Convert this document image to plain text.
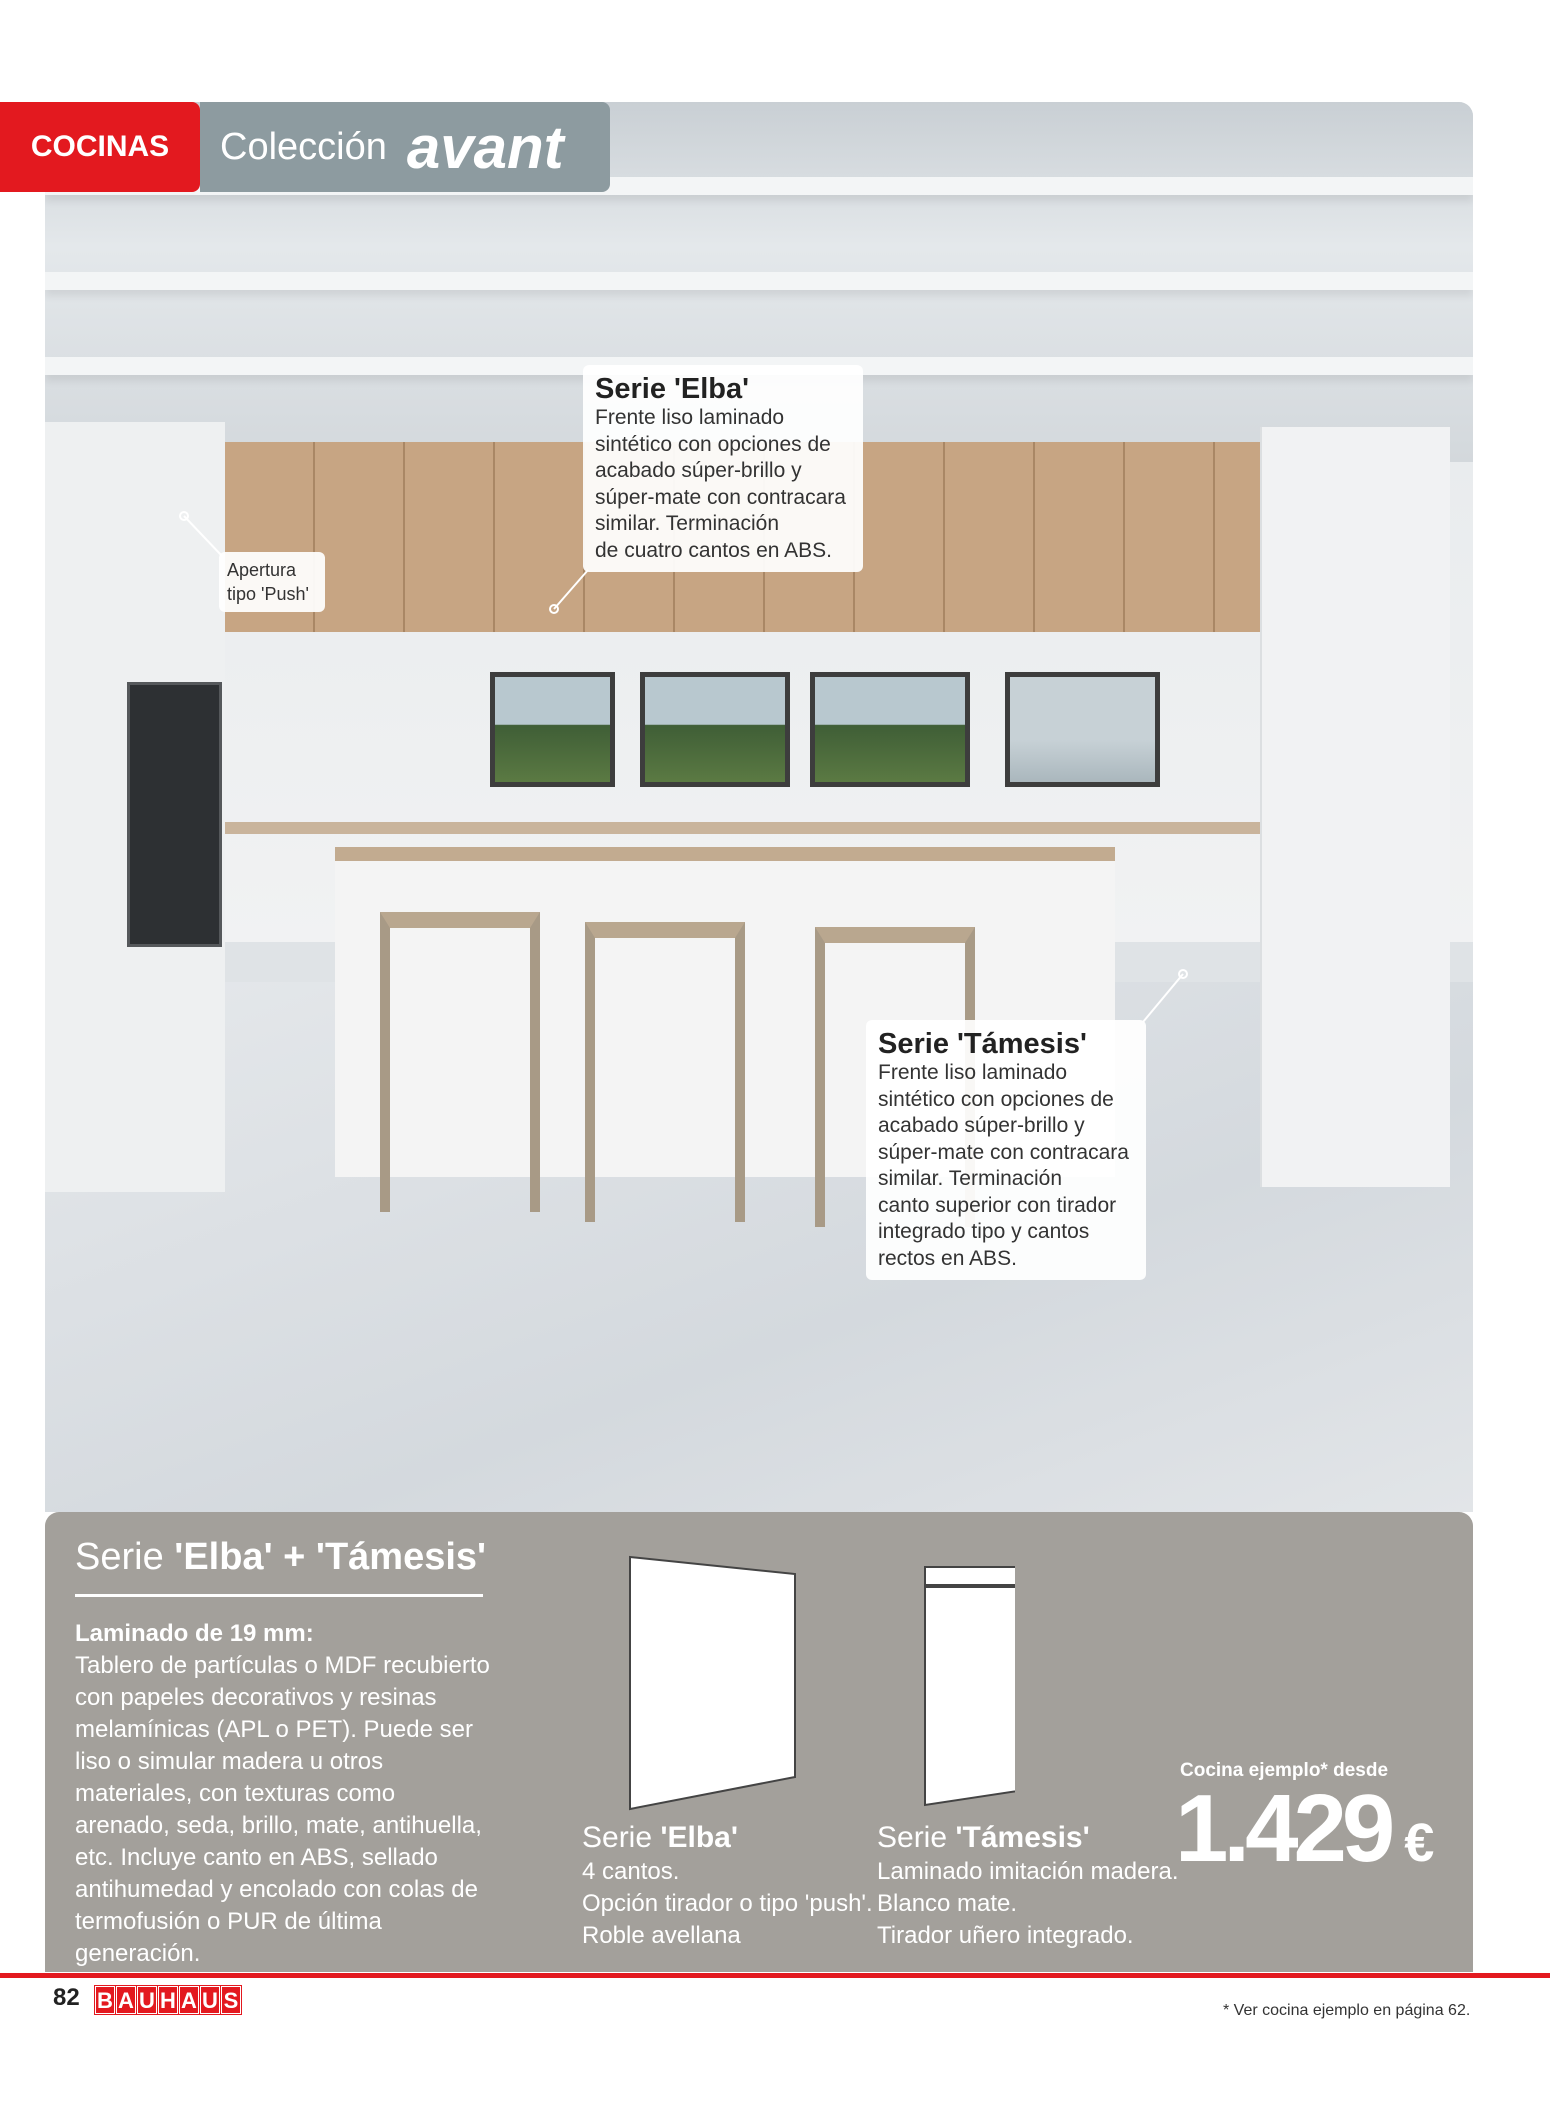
COCINAS	Colección avant
Apertura
tipo 'Push'
Serie 'Elba'
Frente liso laminado
sintético con opciones de
acabado súper-brillo y
súper-mate con contracara
similar. Terminación
de cuatro cantos en ABS.
Serie 'Támesis'
Frente liso laminado
sintético con opciones de
acabado súper-brillo y
súper-mate con contracara
similar. Terminación
canto superior con tirador
integrado tipo y cantos
rectos en ABS.
Serie 'Elba' + 'Támesis'
Laminado de 19 mm:
Tablero de partículas o MDF recubierto con papeles decorativos y resinas melamínicas (APL o PET). Puede ser liso o simular madera u otros materiales, con texturas como arenado, seda, brillo, mate, antihuella, etc. Incluye canto en ABS, sellado antihumedad y encolado con colas de termofusión o PUR de última generación.
Serie 'Elba'
4 cantos.
Opción tirador o tipo 'push'.
Roble avellana
Serie 'Támesis'
Laminado imitación madera.
Blanco mate.
Tirador uñero integrado.
Cocina ejemplo* desde
1.429 €
82 B A U H A U S	* Ver cocina ejemplo en página 62.
